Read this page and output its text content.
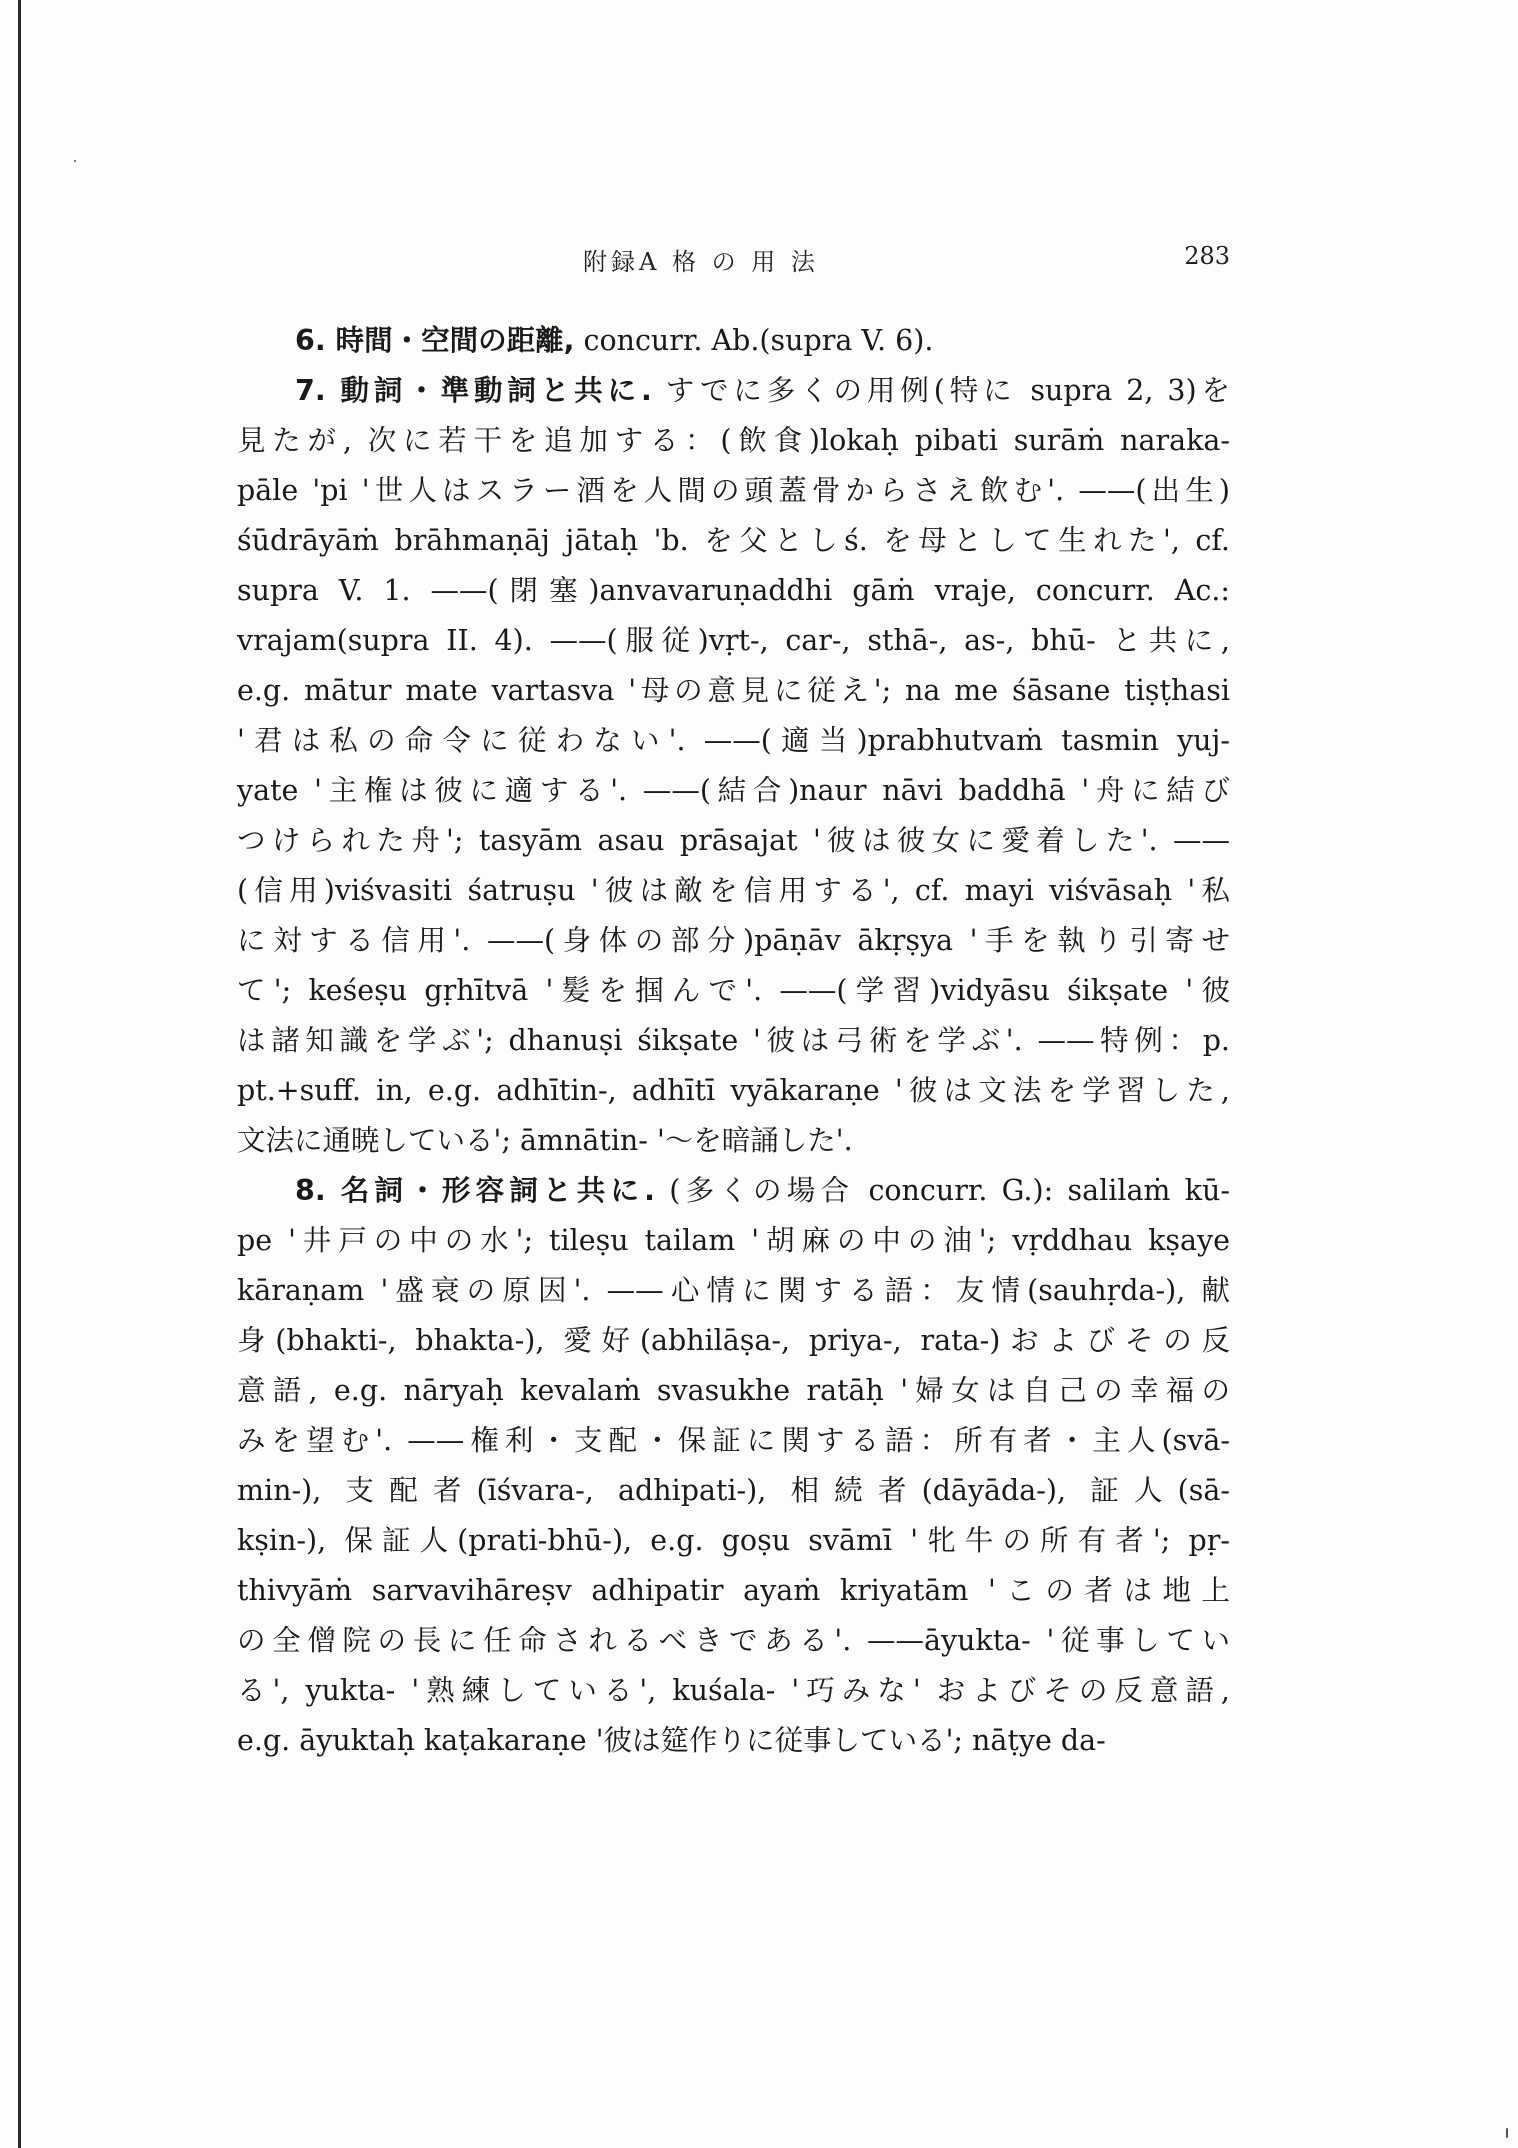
附録A 格 の 用 法	283
6. 時間・空間の距離, concurr. Ab.(supra V. 6).
7. 動詞・準動詞と共に. すでに多くの用例(特に supra 2, 3)を
見たが, 次に若干を追加する：(飲食)lokaḥ pibati surāṁ naraka-
pāle 'pi '世人はスラー酒を人間の頭蓋骨からさえ飲む'. ——(出生)
śūdrāyāṁ brāhmaṇāj jātaḥ 'b. を父としś. を母として生れた', cf.
supra V. 1. ——(閉塞)anvavaruṇaddhi gāṁ vraje, concurr. Ac.:
vrajam(supra II. 4). ——(服従)vṛt-, car-, sthā-, as-, bhū- と共に,
e.g. mātur mate vartasva '母の意見に従え'; na me śāsane tiṣṭhasi
'君は私の命令に従わない'. ——(適当)prabhutvaṁ tasmin yuj-
yate '主権は彼に適する'. ——(結合)naur nāvi baddhā '舟に結び
つけられた舟'; tasyām asau prāsajat '彼は彼女に愛着した'. ——
(信用)viśvasiti śatruṣu '彼は敵を信用する', cf. mayi viśvāsaḥ '私
に対する信用'. ——(身体の部分)pāṇāv ākṛṣya '手を執り引寄せ
て'; keśeṣu gṛhītvā '髪を掴んで'. ——(学習)vidyāsu śikṣate '彼
は諸知識を学ぶ'; dhanuṣi śikṣate '彼は弓術を学ぶ'. ——特例：p.
pt.+suff. in, e.g. adhītin-, adhītī vyākaraṇe '彼は文法を学習した,
文法に通暁している'; āmnātin- '〜を暗誦した'.
8. 名詞・形容詞と共に. (多くの場合 concurr. G.): salilaṁ kū-
pe '井戸の中の水'; tileṣu tailam '胡麻の中の油'; vṛddhau kṣaye
kāraṇam '盛衰の原因'. ——心情に関する語：友情(sauhṛda-), 献
身(bhakti-, bhakta-), 愛好(abhilāṣa-, priya-, rata-)およびその反
意語, e.g. nāryaḥ kevalaṁ svasukhe ratāḥ '婦女は自己の幸福の
みを望む'. ——権利・支配・保証に関する語：所有者・主人(svā-
min-), 支配者(īśvara-, adhipati-), 相続者(dāyāda-), 証人(sā-
kṣin-), 保証人(prati-bhū-), e.g. goṣu svāmī '牝牛の所有者'; pṛ-
thivyāṁ sarvavihāreṣv adhipatir ayaṁ kriyatām 'この者は地上
の全僧院の長に任命されるべきである'. ——āyukta- '従事してい
る', yukta- '熟練している', kuśala- '巧みな' およびその反意語,
e.g. āyuktaḥ kaṭakaraṇe '彼は筵作りに従事している'; nāṭye da-
